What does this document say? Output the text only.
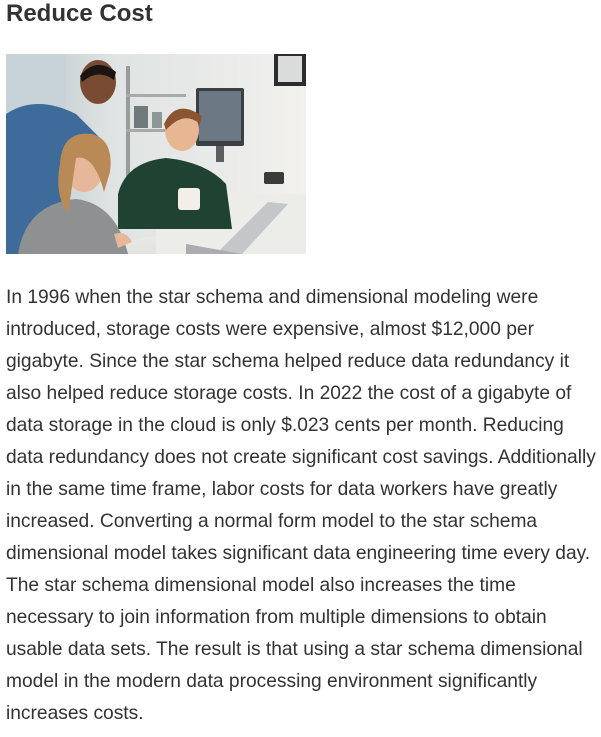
Reduce Cost

In 1996 when the star schema and dimensional modeling were introduced, storage costs were expensive, almost $12,000 per gigabyte. Since the star schema helped reduce data redundancy it also helped reduce storage costs. In 2022 the cost of a gigabyte of data storage in the cloud is only $.023 cents per month. Reducing data redundancy does not create significant cost savings. Additionally in the same time frame, labor costs for data workers have greatly increased. Converting a normal form model to the star schema dimensional model takes significant data engineering time every day. The star schema dimensional model also increases the time necessary to join information from multiple dimensions to obtain usable data sets. The result is that using a star schema dimensional model in the modern data processing environment significantly increases costs.
